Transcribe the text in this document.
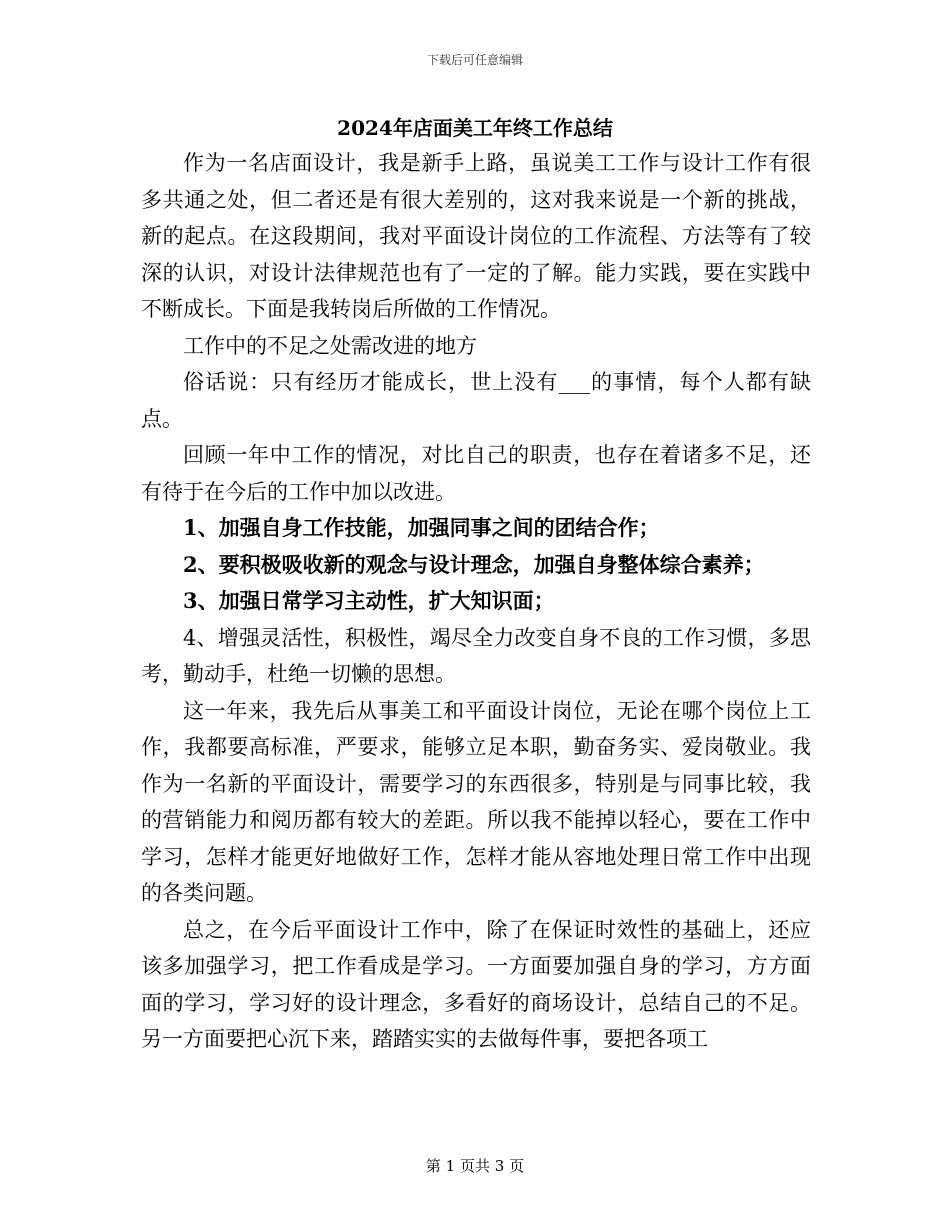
下载后可任意编辑
2024年店面美工年终工作总结

作为一名店面设计，我是新手上路，虽说美工工作与设计工作有很多共通之处，但二者还是有很大差别的，这对我来说是一个新的挑战，新的起点。在这段期间，我对平面设计岗位的工作流程、方法等有了较深的认识，对设计法律规范也有了一定的了解。能力实践，要在实践中不断成长。下面是我转岗后所做的工作情况。

工作中的不足之处需改进的地方

俗话说：只有经历才能成长，世上没有___的事情，每个人都有缺点。

回顾一年中工作的情况，对比自己的职责，也存在着诸多不足，还有待于在今后的工作中加以改进。

1、加强自身工作技能，加强同事之间的团结合作；

2、要积极吸收新的观念与设计理念，加强自身整体综合素养；

3、加强日常学习主动性，扩大知识面；

4、增强灵活性，积极性，竭尽全力改变自身不良的工作习惯，多思考，勤动手，杜绝一切懒的思想。

这一年来，我先后从事美工和平面设计岗位，无论在哪个岗位上工作，我都要高标准，严要求，能够立足本职，勤奋务实、爱岗敬业。我作为一名新的平面设计，需要学习的东西很多，特别是与同事比较，我的营销能力和阅历都有较大的差距。所以我不能掉以轻心，要在工作中学习，怎样才能更好地做好工作，怎样才能从容地处理日常工作中出现的各类问题。

总之，在今后平面设计工作中，除了在保证时效性的基础上，还应该多加强学习，把工作看成是学习。一方面要加强自身的学习，方方面面的学习，学习好的设计理念，多看好的商场设计，总结自己的不足。另一方面要把心沉下来，踏踏实实的去做每件事，要把各项工

第 1 页共 3 页
